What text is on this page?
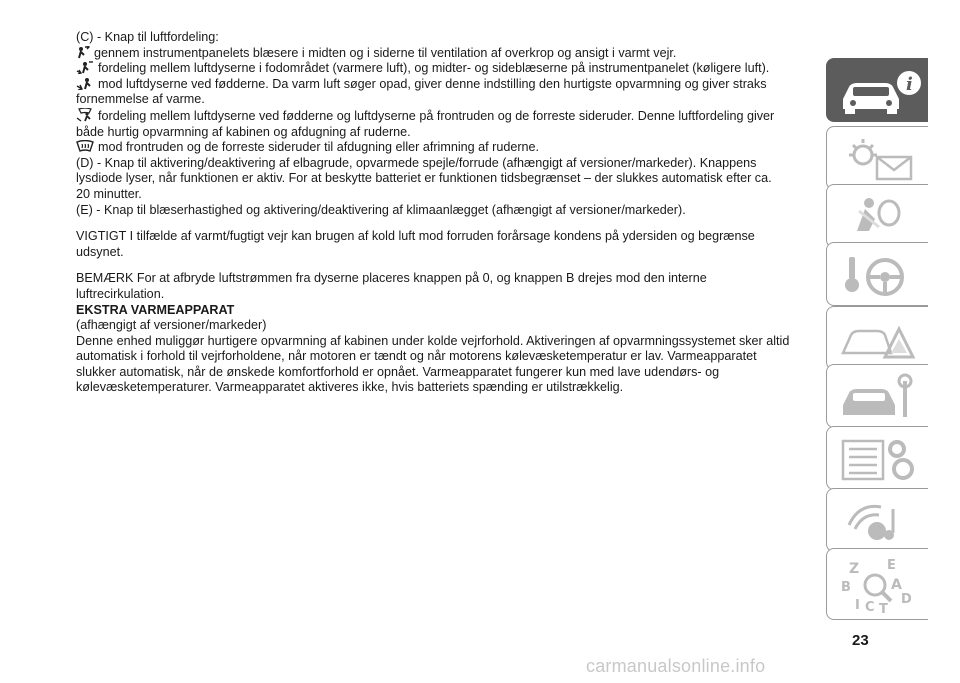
(C) - Knap til luftfordeling:

gennem instrumentpanelets blæsere i midten og i siderne til ventilation af overkrop og ansigt i varmt vejr.

fordeling mellem luftdyserne i fodområdet (varmere luft), og midter- og sideblæserne på instrumentpanelet (køligere luft).

mod luftdyserne ved fødderne. Da varm luft søger opad, giver denne indstilling den hurtigste opvarmning og giver straks

fornemmelse af varme.

fordeling mellem luftdyserne ved fødderne og luftdyserne på frontruden og de forreste sideruder. Denne luftfordeling giver

både hurtig opvarmning af kabinen og afdugning af ruderne.

mod frontruden og de forreste sideruder til afdugning eller afrimning af ruderne.

(D) - Knap til aktivering/deaktivering af elbagrude, opvarmede spejle/forrude (afhængigt af versioner/markeder). Knappens

lysdiode lyser, når funktionen er aktiv. For at beskytte batteriet er funktionen tidsbegrænset – der slukkes automatisk efter ca.

20 minutter.

(E) - Knap til blæserhastighed og aktivering/deaktivering af klimaanlægget (afhængigt af versioner/markeder).

VIGTIGT I tilfælde af varmt/fugtigt vejr kan brugen af kold luft mod forruden forårsage kondens på ydersiden og begrænse

udsynet.

BEMÆRK For at afbryde luftstrømmen fra dyserne placeres knappen på 0, og knappen B drejes mod den interne

luftrecirkulation.

EKSTRA VARMEAPPARAT

(afhængigt af versioner/markeder)

Denne enhed muliggør hurtigere opvarmning af kabinen under kolde vejrforhold. Aktiveringen af opvarmningssystemet sker altid

automatisk i forhold til vejrforholdene, når motoren er tændt og når motorens kølevæsketemperatur er lav. Varmeapparatet

slukker automatisk, når de ønskede komfortforhold er opnået. Varmeapparatet fungerer kun med lave udendørs- og

kølevæsketemperaturer. Varmeapparatet aktiveres ikke, hvis batteriets spænding er utilstrækkelig.

i
Z E
B	A
I C T
D
23
carmanualsonline.info
